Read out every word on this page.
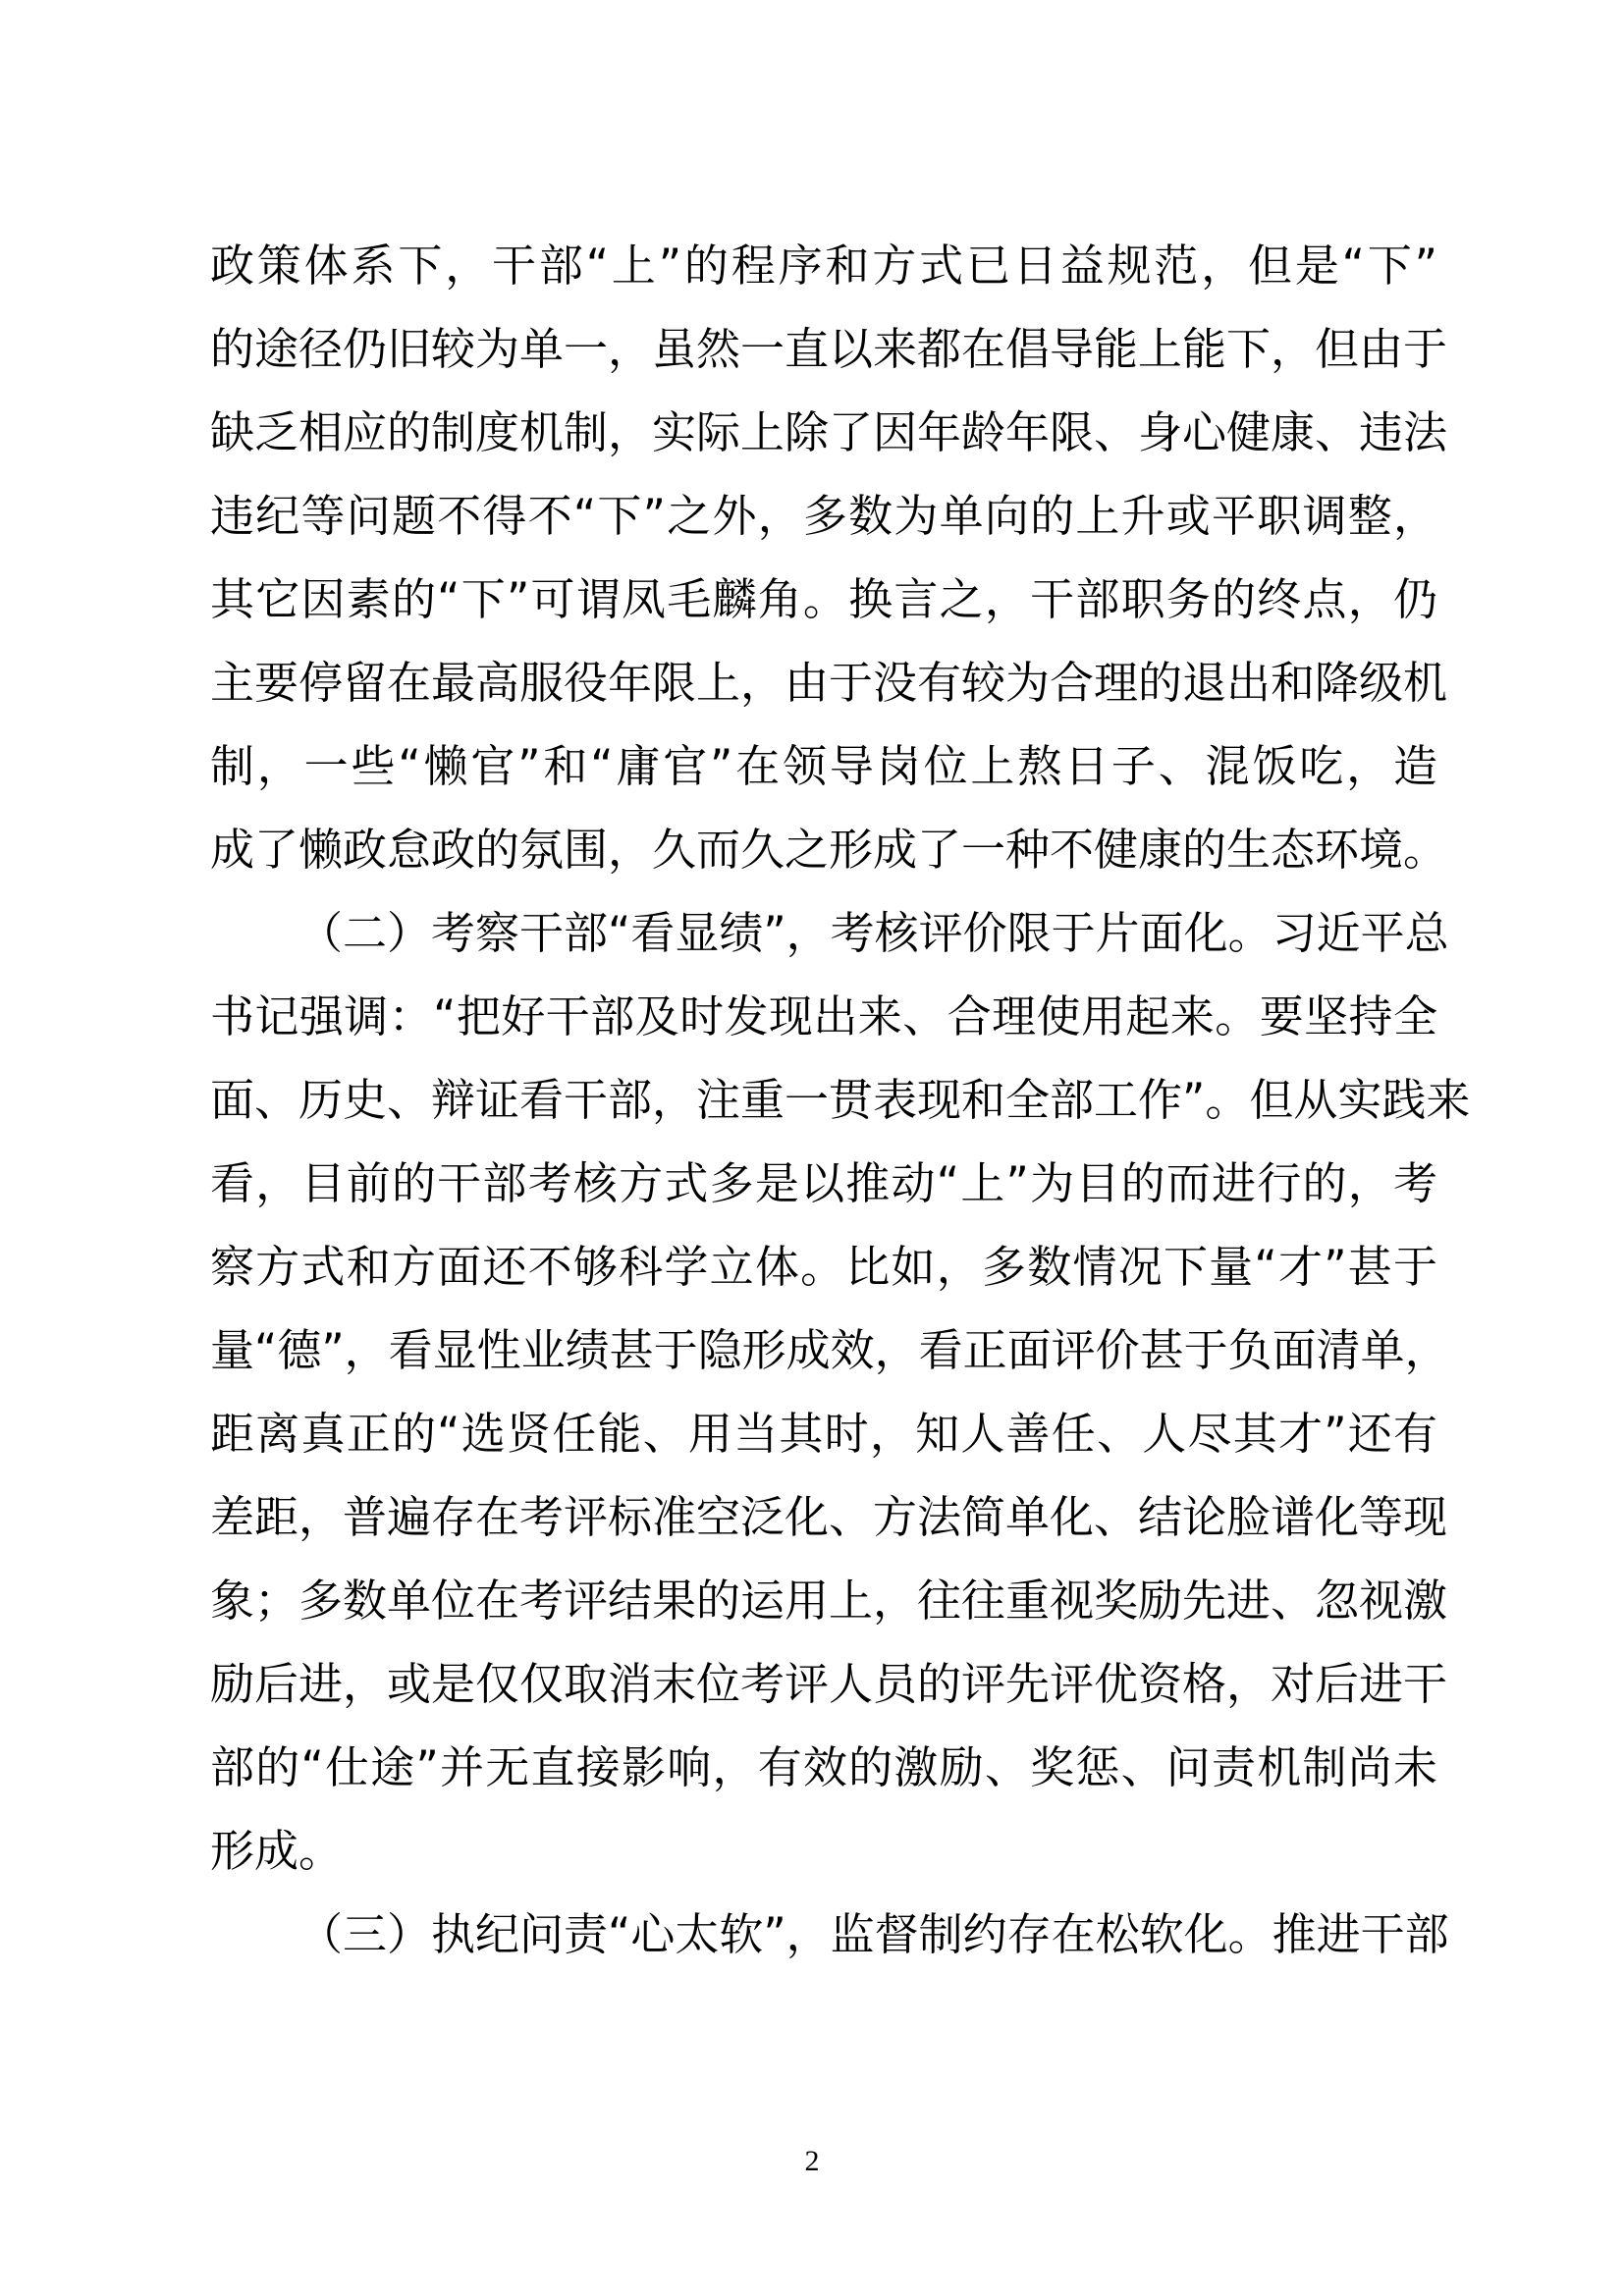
政策体系下，干部“上”的程序和方式已日益规范，但是“下”
的途径仍旧较为单一，虽然一直以来都在倡导能上能下，但由于
缺乏相应的制度机制，实际上除了因年龄年限、身心健康、违法
违纪等问题不得不“下”之外，多数为单向的上升或平职调整，
其它因素的“下”可谓凤毛麟角。换言之，干部职务的终点，仍
主要停留在最高服役年限上，由于没有较为合理的退出和降级机
制，一些“懒官”和“庸官”在领导岗位上熬日子、混饭吃，造
成了懒政怠政的氛围，久而久之形成了一种不健康的生态环境。
（二）考察干部“看显绩”，考核评价限于片面化。习近平总
书记强调：“把好干部及时发现出来、合理使用起来。要坚持全
面、历史、辩证看干部，注重一贯表现和全部工作”。但从实践来
看，目前的干部考核方式多是以推动“上”为目的而进行的，考
察方式和方面还不够科学立体。比如，多数情况下量“才”甚于
量“德”，看显性业绩甚于隐形成效，看正面评价甚于负面清单，
距离真正的“选贤任能、用当其时，知人善任、人尽其才”还有
差距，普遍存在考评标准空泛化、方法简单化、结论脸谱化等现
象；多数单位在考评结果的运用上，往往重视奖励先进、忽视激
励后进，或是仅仅取消末位考评人员的评先评优资格，对后进干
部的“仕途”并无直接影响，有效的激励、奖惩、问责机制尚未
形成。
（三）执纪问责“心太软”，监督制约存在松软化。推进干部
2
